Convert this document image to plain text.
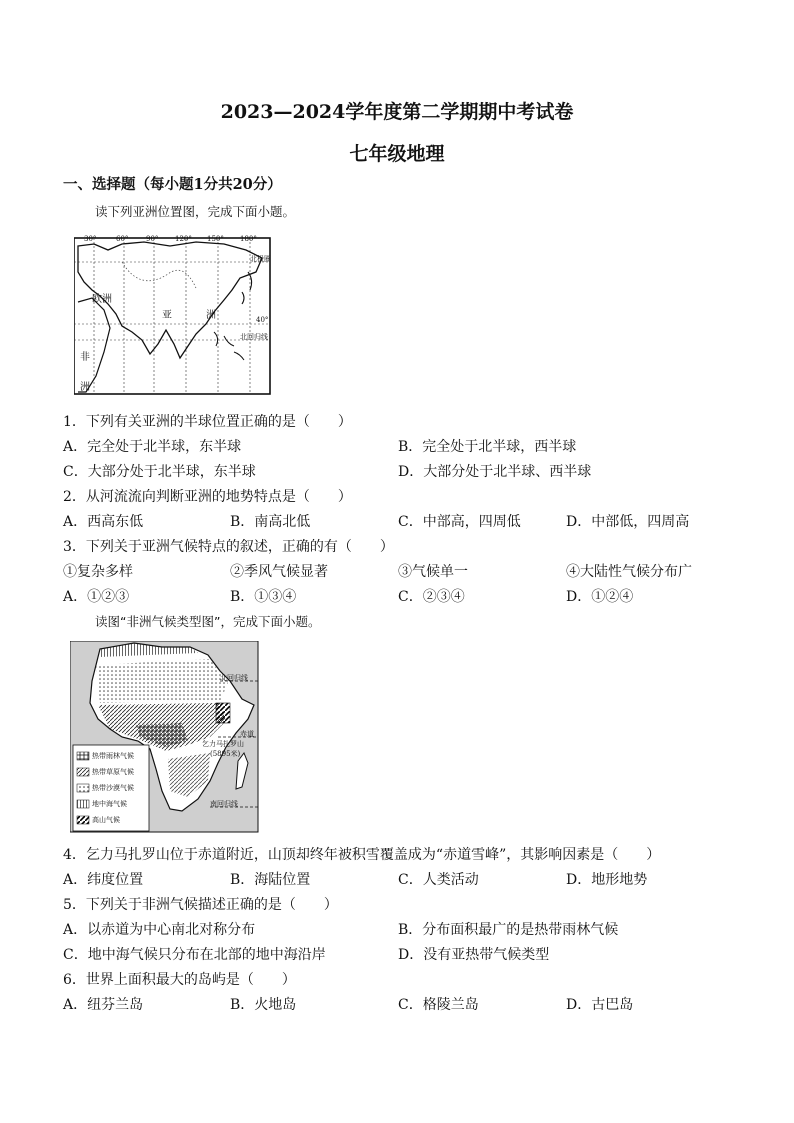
2023—2024学年度第二学期期中考试卷
七年级地理
一、选择题（每小题1分共20分）
读下列亚洲位置图，完成下面小题。
30°	60°	90° 120° 150° 180°
北极圈
40°
北回归线
欧洲
亚	洲
非
洲
1．下列有关亚洲的半球位置正确的是（　　）
A．完全处于北半球，东半球	B．完全处于北半球，西半球
C．大部分处于北半球，东半球	D．大部分处于北半球、西半球
2．从河流流向判断亚洲的地势特点是（　　）
A．西高东低	B．南高北低	C．中部高，四周低	D．中部低，四周高
3．下列关于亚洲气候特点的叙述，正确的有（　　）
①复杂多样	②季风气候显著	③气候单一	④大陆性气候分布广
A．①②③	B．①③④	C．②③④	D．①②④
读图“非洲气候类型图”，完成下面小题。
北回归线
赤道
南回归线
乞力马扎罗山
(5895米)
热带雨林气候
热带草原气候
热带沙漠气候
地中海气候
高山气候
4．乞力马扎罗山位于赤道附近，山顶却终年被积雪覆盖成为“赤道雪峰”，其影响因素是（　　）
A．纬度位置	B．海陆位置	C．人类活动	D．地形地势
5．下列关于非洲气候描述正确的是（　　）
A．以赤道为中心南北对称分布	B．分布面积最广的是热带雨林气候
C．地中海气候只分布在北部的地中海沿岸	D．没有亚热带气候类型
6．世界上面积最大的岛屿是（　　）
A．纽芬兰岛	B．火地岛	C．格陵兰岛	D．古巴岛
